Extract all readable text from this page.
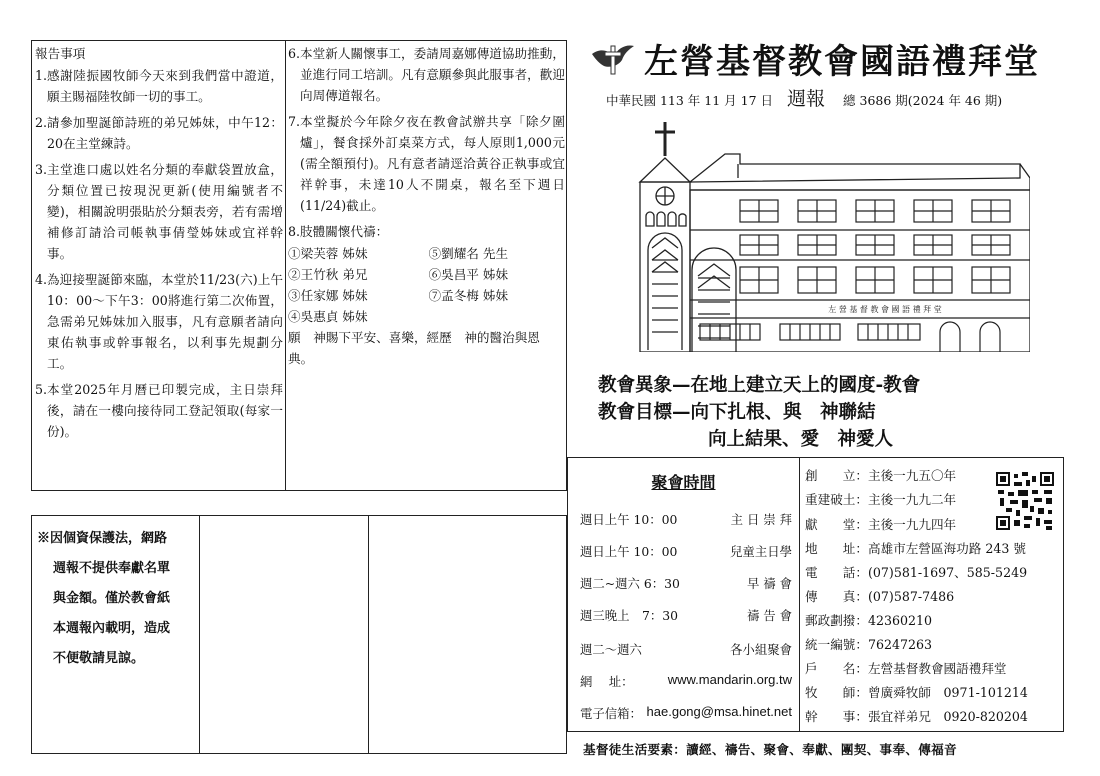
報告事項
1. 感謝陸振國牧師今天來到我們當中證道，願主賜福陸牧師一切的事工。
2. 請參加聖誕節詩班的弟兄姊妹，中午12：20在主堂練詩。
3. 主堂進口處以姓名分類的奉獻袋置放盒，分類位置已按現況更新(使用編號者不變)，相關說明張貼於分類表旁，若有需增補修訂請洽司帳執事倩瑩姊妹或宜祥幹事。
4. 為迎接聖誕節來臨，本堂於11/23(六)上午10：00～下午3：00將進行第二次佈置，急需弟兄姊妹加入服事，凡有意願者請向東佑執事或幹事報名，以利事先規劃分工。
5. 本堂2025年月曆已印製完成，主日崇拜後，請在一樓向接待同工登記領取(每家一份)。
6. 本堂新人關懷事工，委請周嘉娜傳道協助推動，並進行同工培訓。凡有意願參與此服事者，歡迎向周傳道報名。
7. 本堂擬於今年除夕夜在教會試辦共享「除夕圍爐」，餐食採外訂桌菜方式，每人原則1,000元(需全額預付)。凡有意者請逕洽黃谷正執事或宜祥幹事，未達10人不開桌，報名至下週日(11/24)截止。
8. 肢體關懷代禱：
①梁芙蓉 姊妹	⑤劉耀名 先生
②王竹秋 弟兄	⑥吳昌平 姊妹
③任家娜 姊妹	⑦孟冬梅 姊妹
④吳惠貞 姊妹
願　神賜下平安、喜樂，經歷　神的醫治與恩典。
※因個資保護法，網路
週報不提供奉獻名單
與金額。僅於教會紙
本週報內載明，造成
不便敬請見諒。
左營基督教會國語禮拜堂
中華民國 113 年 11 月 17 日 週報 總 3686 期(2024 年 46 期)
左 營 基 督 教 會 國 語 禮 拜 堂
教會異象—在地上建立天上的國度-教會
教會目標—向下扎根、與　神聯結
向上結果、愛　神愛人
聚會時間
週日上午 10：00	主 日 崇 拜
週日上午 10：00	兒童主日學
週二~週六 6：30	早 禱 會
週三晚上　7：30	禱 告 會
週二～週六	各小組聚會
網　 址：	www.mandarin.org.tw
電子信箱： hae.gong@msa.hinet.net
創　　立：主後一九五〇年
重建破土：主後一九九二年
獻　　堂：主後一九九四年
地　　址：高雄市左營區海功路 243 號
電　　話：(07)581-1697、585-5249
傳　　真：(07)587-7486
郵政劃撥：42360210
統一編號：76247263
戶　　名：左營基督教會國語禮拜堂
牧　　師：曾廣舜牧師　0971-101214
幹　　事：張宜祥弟兄　0920-820204
基督徒生活要素：讀經、禱告、聚會、奉獻、團契、事奉、傳福音
